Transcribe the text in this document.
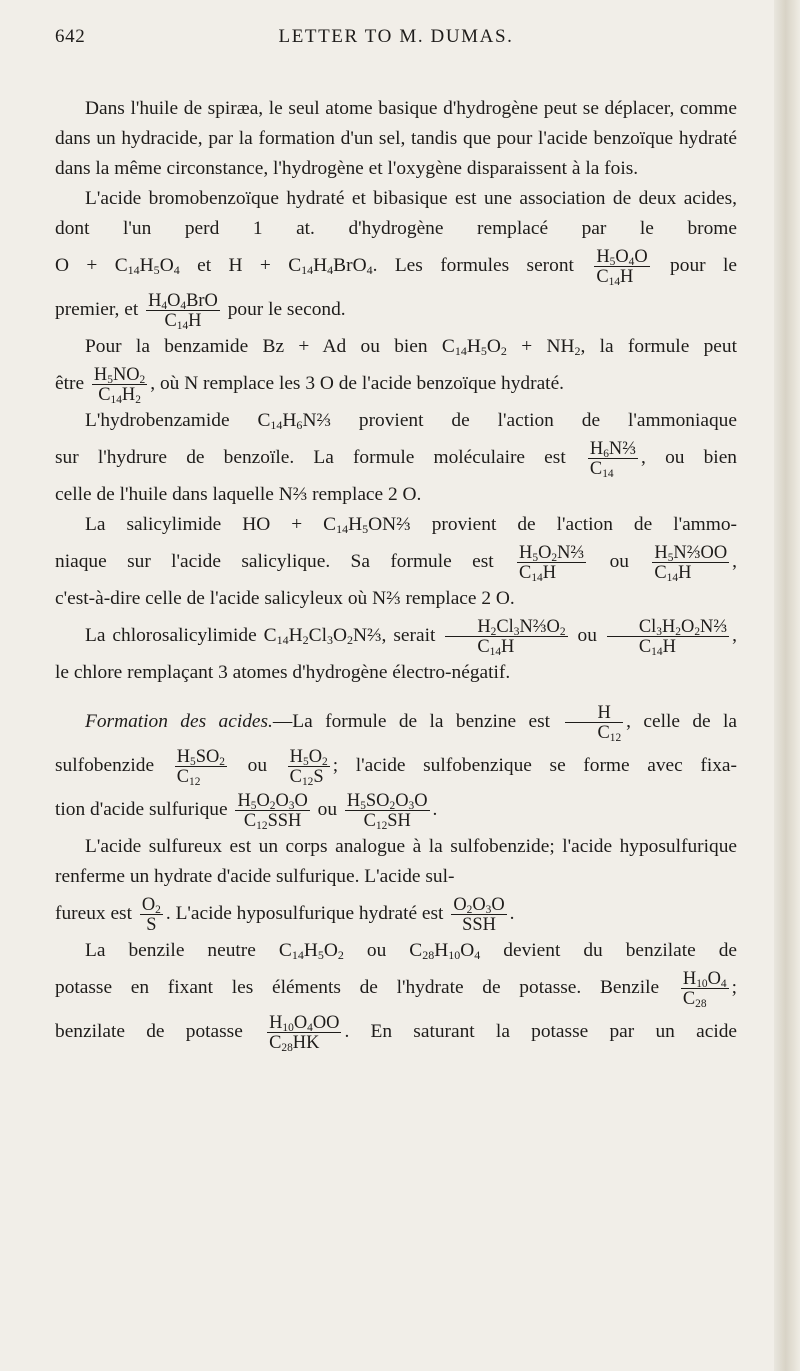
642	LETTER TO M. DUMAS.

Dans l'huile de spiræa, le seul atome basique d'hydrogène peut se déplacer, comme dans un hydracide, par la formation d'un sel, tandis que pour l'acide benzoïque hydraté dans la même circonstance, l'hydrogène et l'oxygène disparaissent à la fois.

L'acide bromobenzoïque hydraté et bibasique est une association de deux acides, dont l'un perd 1 at. d'hydrogène remplacé par le brome

$O + C_{14}H_5O_4$ et $H + C_{14}H_4BrO_4$. Les formules seront $\frac{H_5O_4O}{C_{14}H}$ pour le

premier, et $\frac{H_4O_4BrO}{C_{14}H}$ pour le second.

Pour la benzamide Bz + Ad ou bien $C_{14}H_5O_2 + NH_2$, la formule peut

être $\frac{H_5NO_2}{C_{14}H_2}$ , où N remplace les 3 O de l'acide benzoïque hydraté.

L'hydrobenzamide $C_{14}H_6N\frac{2}{3}$ provient de l'action de l'ammoniaque

sur l'hydrure de benzoïle. La formule moléculaire est $\frac{H_6N\frac{2}{3}}{C_{14}}$ , ou bien

celle de l'huile dans laquelle N⅔ remplace 2 O.

La salicylimide HO + $C_{14}H_5ON\frac{2}{3}$ provient de l'action de l'ammo-

niaque sur l'acide salicylique. Sa formule est $\frac{H_5O_2N\frac{2}{3}}{C_{14}H}$ ou $\frac{H_5N\frac{2}{3}OO}{C_{14}H}$ ,

c'est-à-dire celle de l'acide salicyleux où N⅔ remplace 2 O.

La chlorosalicylimide $C_{14}H_2Cl_3O_2N\frac{2}{3}$, serait $\frac{H_2Cl_3N\frac{2}{3}O_2}{C_{14}H}$ ou $\frac{Cl_3H_2O_2N\frac{2}{3}}{C_{14}H}$ ,

le chlore remplaçant 3 atomes d'hydrogène électro-négatif.

Formation des acides.—La formule de la benzine est $\frac{H}{C_{12}}$ , celle de la

sulfobenzide $\frac{H_5SO_2}{C_{12}}$ ou $\frac{H_5O_2}{C_{12}S}$ ; l'acide sulfobenzique se forme avec fixa-

tion d'acide sulfurique $\frac{H_5O_2O_3O}{C_{12}SSH}$ ou $\frac{H_5SO_2O_3O}{C_{12}SH}$ .

L'acide sulfureux est un corps analogue à la sulfobenzide; l'acide hyposulfurique renferme un hydrate d'acide sulfurique. L'acide sul-

fureux est $\frac{O_2}{S}$ . L'acide hyposulfurique hydraté est $\frac{O_2O_3O}{\text{SSH}}$ .

La benzile neutre $C_{14}H_5O_2$ ou $C_{28}H_{10}O_4$ devient du benzilate de

potasse en fixant les éléments de l'hydrate de potasse. Benzile $\frac{H_{10}O_4}{C_{28}}$ ;

benzilate de potasse $\frac{H_{10}O_4OO}{C_{28}HK}$ . En saturant la potasse par un acide
